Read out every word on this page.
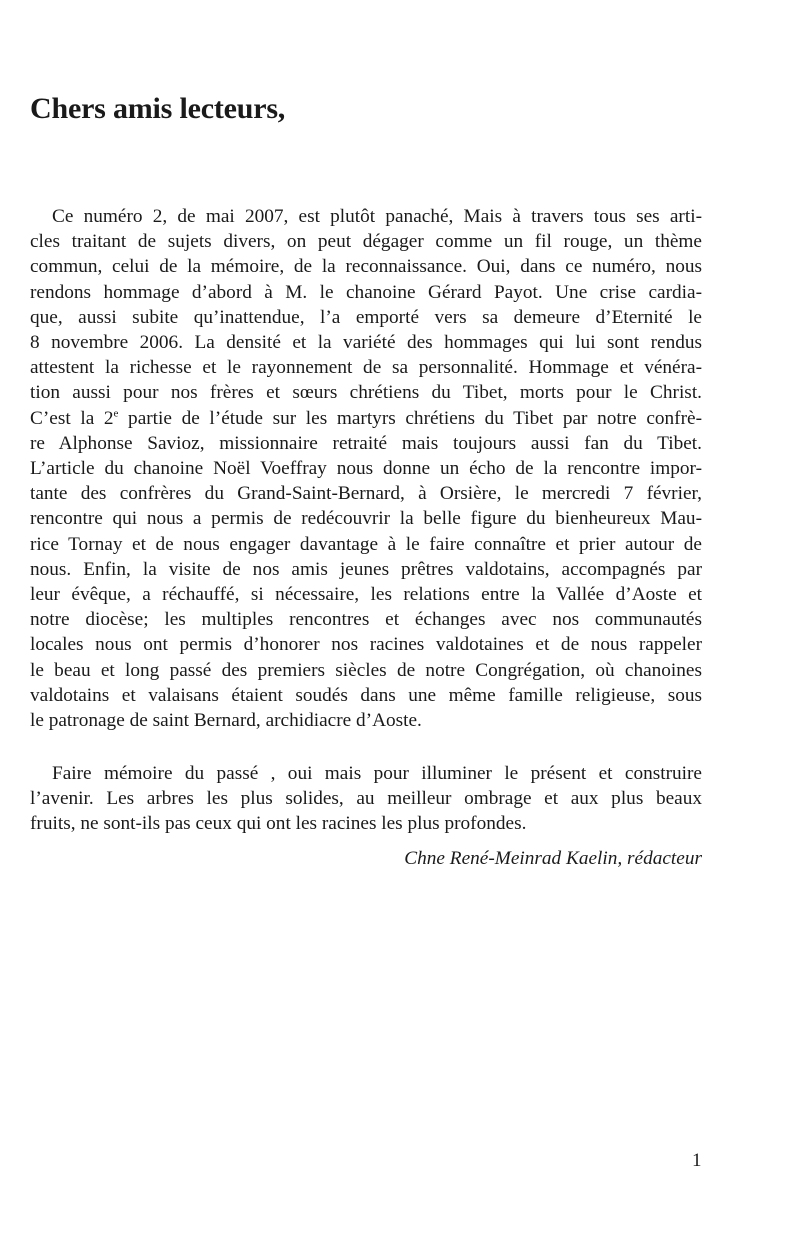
Chers amis lecteurs,
Ce numéro 2, de mai 2007, est plutôt panaché, Mais à travers tous ses arti-
cles traitant de sujets divers, on peut dégager comme un fil rouge, un thème
commun, celui de la mémoire, de la reconnaissance. Oui, dans ce numéro, nous
rendons hommage d’abord à M. le chanoine Gérard Payot. Une crise cardia-
que, aussi subite qu’inattendue, l’a emporté vers sa demeure d’Eternité le
8 novembre 2006. La densité et la variété des hommages qui lui sont rendus
attestent la richesse et le rayonnement de sa personnalité. Hommage et vénéra-
tion aussi pour nos frères et sœurs chrétiens du Tibet, morts pour le Christ.
C’est la 2e partie de l’étude sur les martyrs chrétiens du Tibet par notre confrè-
re Alphonse Savioz, missionnaire retraité mais toujours aussi fan du Tibet.
L’article du chanoine Noël Voeffray nous donne un écho de la rencontre impor-
tante des confrères du Grand-Saint-Bernard, à Orsière, le mercredi 7 février,
rencontre qui nous a permis de redécouvrir la belle figure du bienheureux Mau-
rice Tornay et de nous engager davantage à le faire connaître et prier autour de
nous. Enfin, la visite de nos amis jeunes prêtres valdotains, accompagnés par
leur évêque, a réchauffé, si nécessaire, les relations entre la Vallée d’Aoste et
notre diocèse; les multiples rencontres et échanges avec nos communautés
locales nous ont permis d’honorer nos racines valdotaines et de nous rappeler
le beau et long passé des premiers siècles de notre Congrégation, où chanoines
valdotains et valaisans étaient soudés dans une même famille religieuse, sous
le patronage de saint Bernard, archidiacre d’Aoste.
Faire mémoire du passé , oui mais pour illuminer le présent et construire
l’avenir. Les arbres les plus solides, au meilleur ombrage et aux plus beaux
fruits, ne sont-ils pas ceux qui ont les racines les plus profondes.

Chne René-Meinrad Kaelin, rédacteur

1
